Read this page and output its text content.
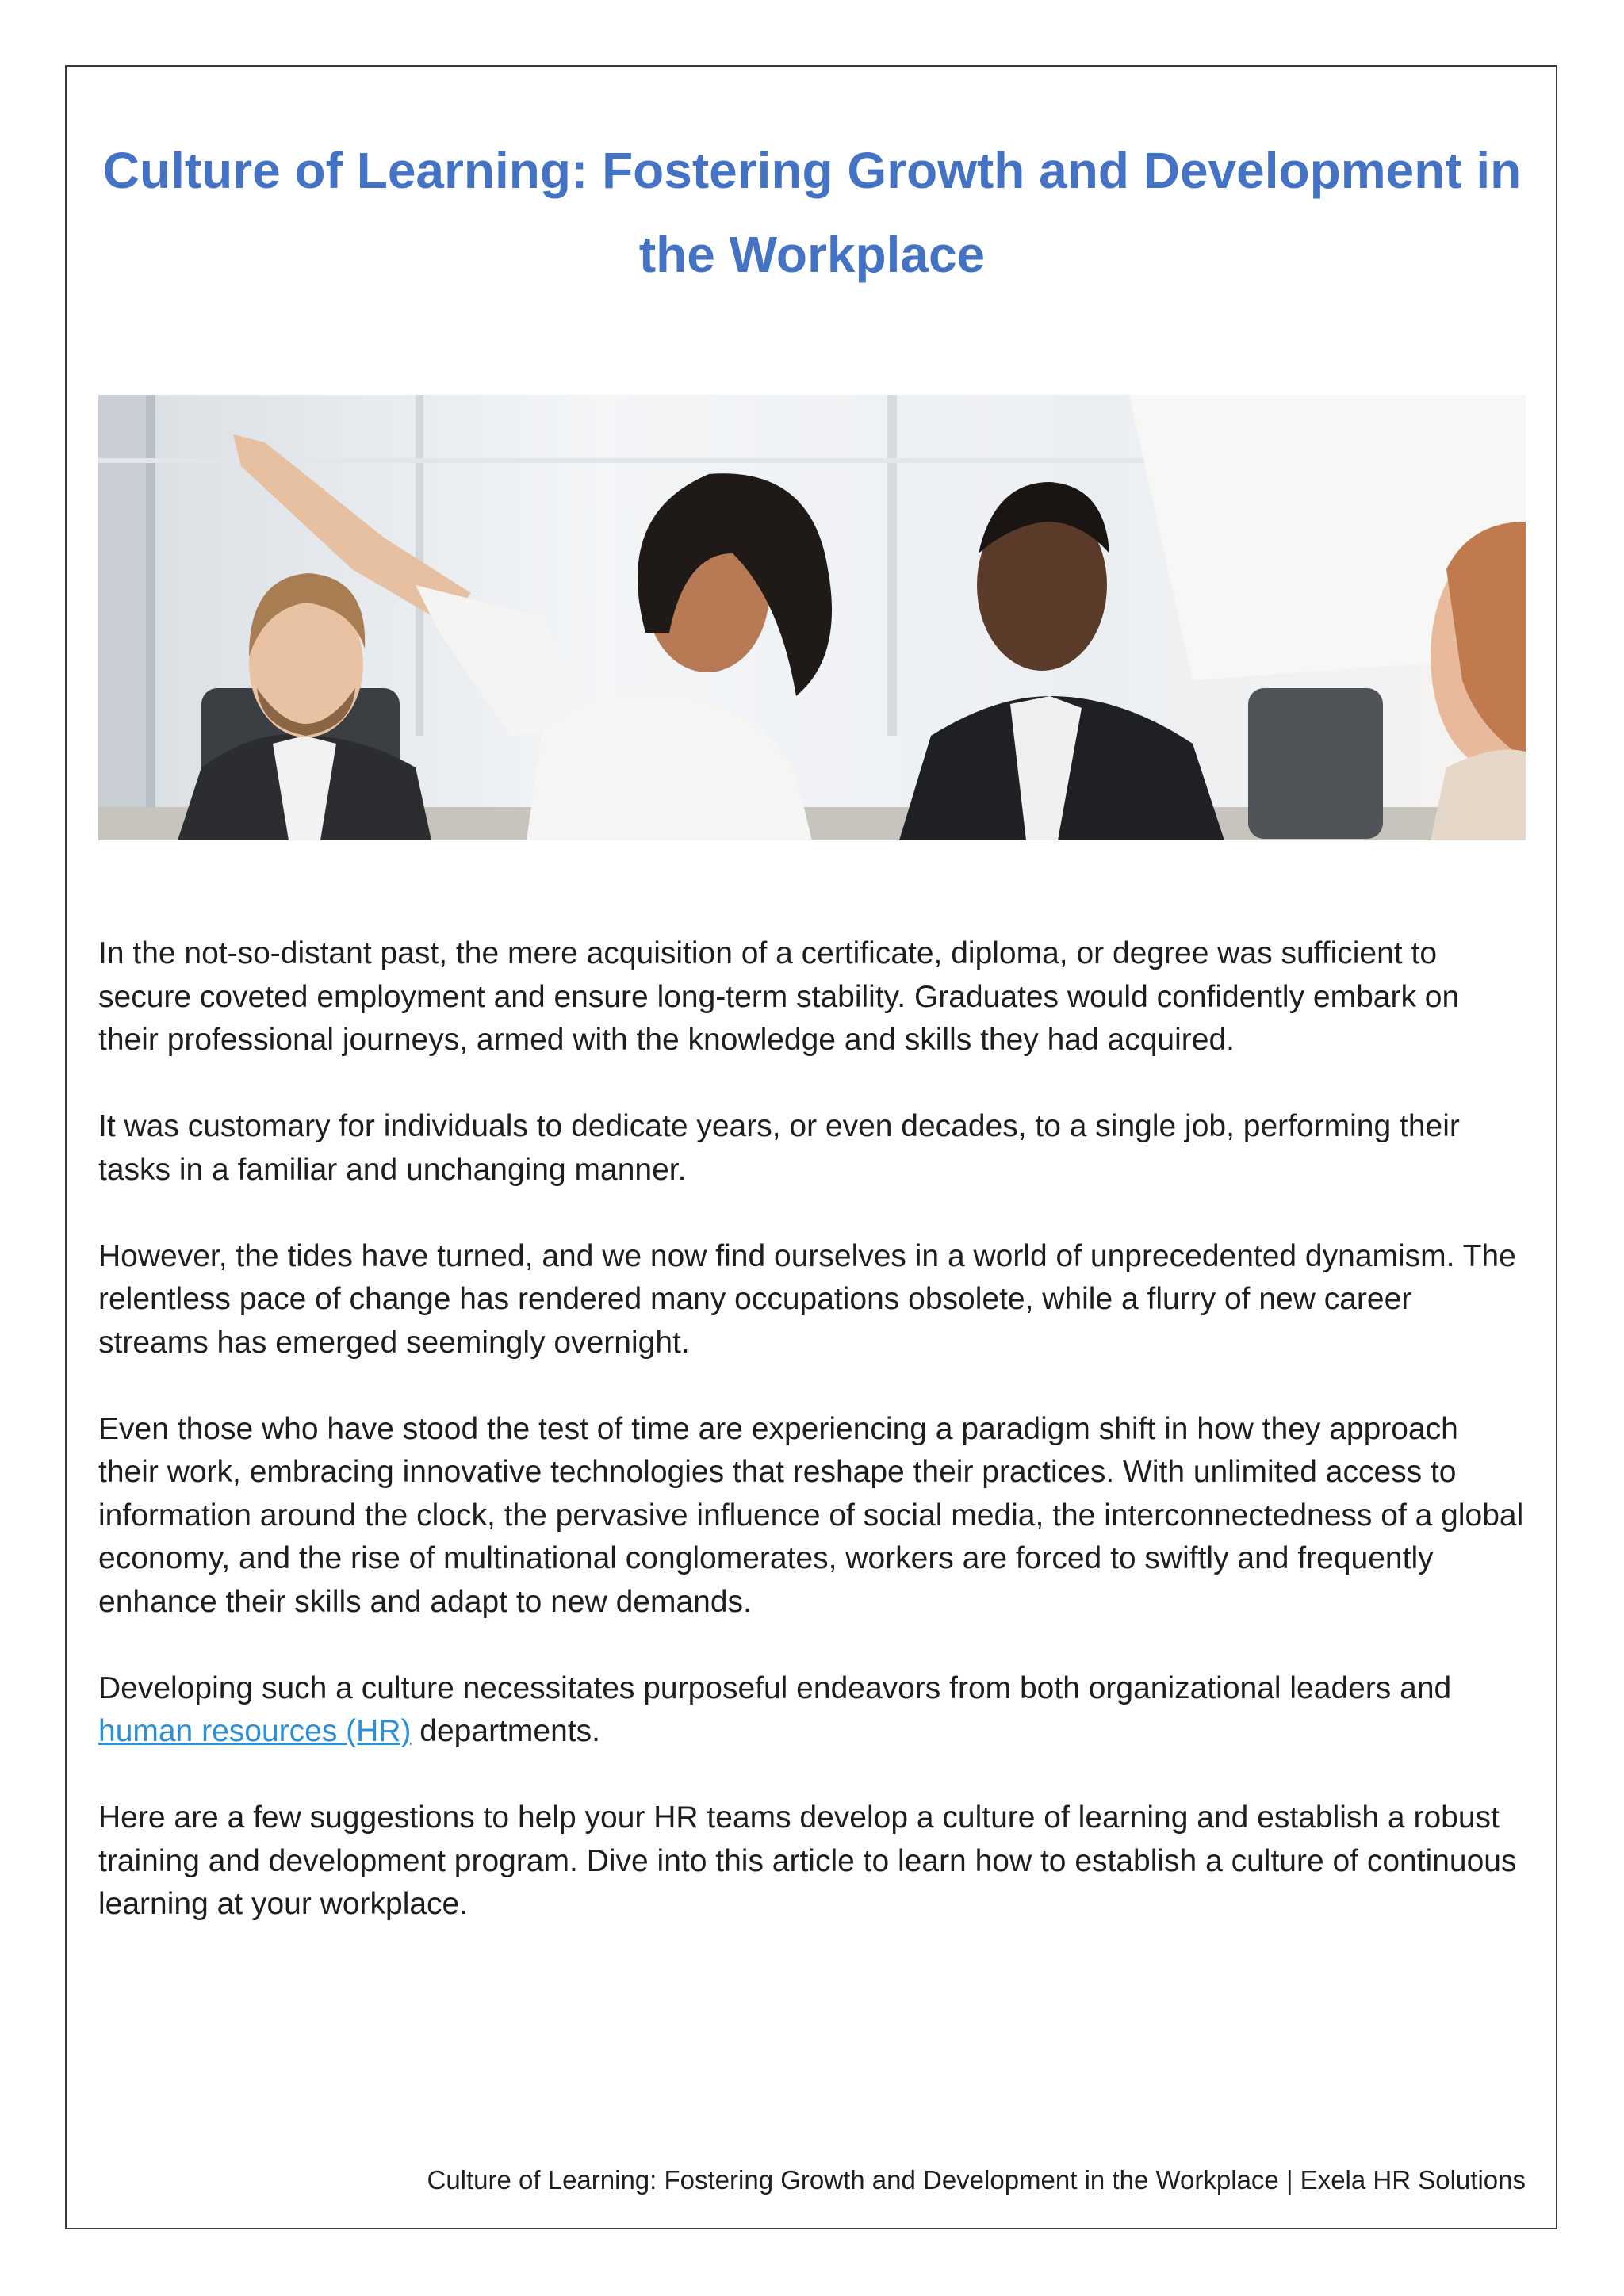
Culture of Learning: Fostering Growth and Development in the Workplace

In the not-so-distant past, the mere acquisition of a certificate, diploma, or degree was sufficient to secure coveted employment and ensure long-term stability. Graduates would confidently embark on their professional journeys, armed with the knowledge and skills they had acquired.

It was customary for individuals to dedicate years, or even decades, to a single job, performing their tasks in a familiar and unchanging manner.

However, the tides have turned, and we now find ourselves in a world of unprecedented dynamism. The relentless pace of change has rendered many occupations obsolete, while a flurry of new career streams has emerged seemingly overnight.

Even those who have stood the test of time are experiencing a paradigm shift in how they approach their work, embracing innovative technologies that reshape their practices. With unlimited access to information around the clock, the pervasive influence of social media, the interconnectedness of a global economy, and the rise of multinational conglomerates, workers are forced to swiftly and frequently enhance their skills and adapt to new demands.

Developing such a culture necessitates purposeful endeavors from both organizational leaders and human resources (HR) departments.

Here are a few suggestions to help your HR teams develop a culture of learning and establish a robust training and development program. Dive into this article to learn how to establish a culture of continuous learning at your workplace.

Culture of Learning: Fostering Growth and Development in the Workplace | Exela HR Solutions
